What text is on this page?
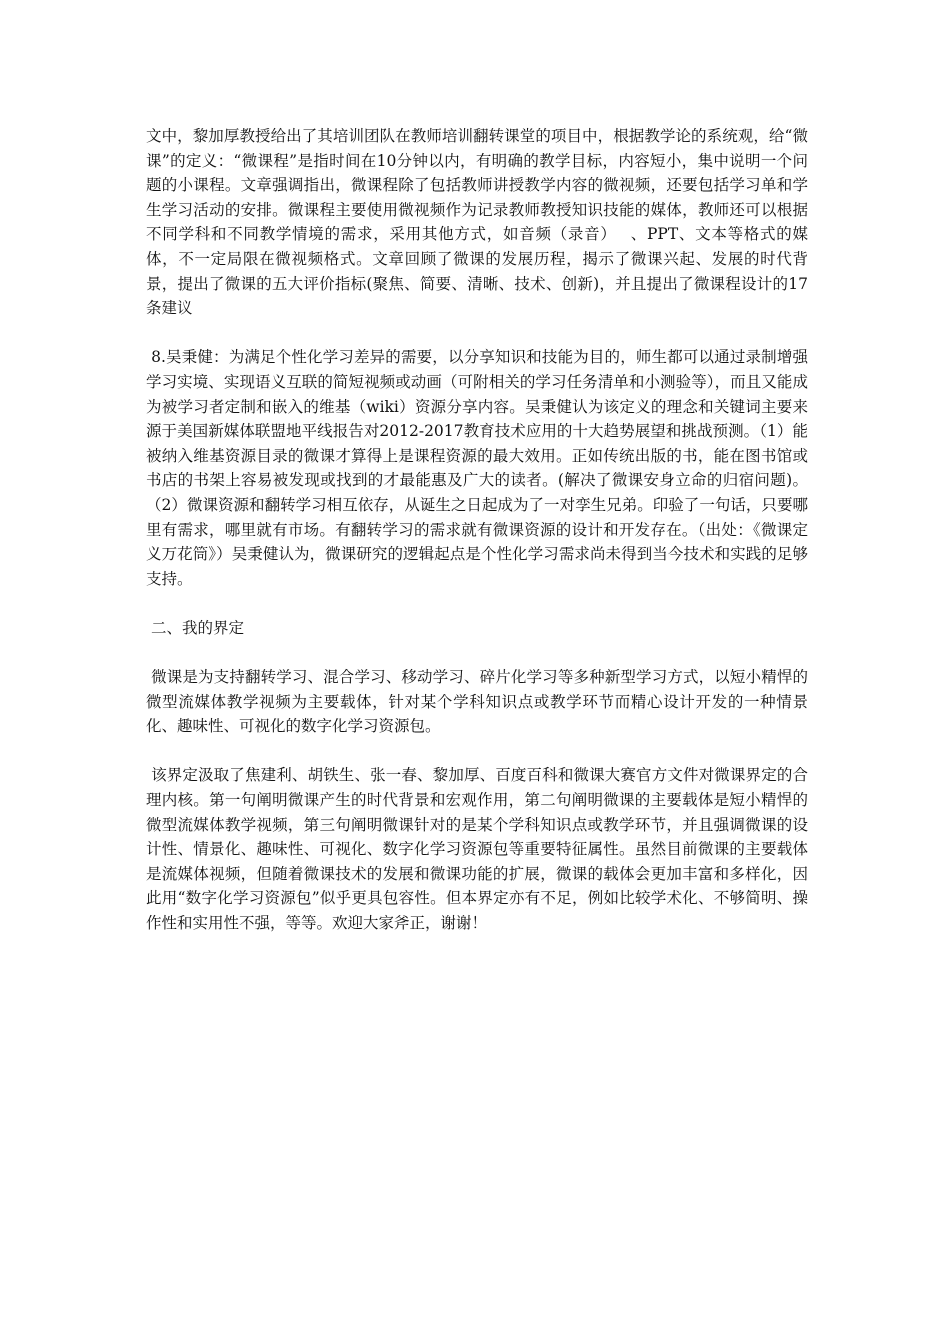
文中，黎加厚教授给出了其培训团队在教师培训翻转课堂的项目中，根据教学论的系统观，给“微课”的定义：“微课程”是指时间在10分钟以内，有明确的教学目标，内容短小，集中说明一个问题的小课程。文章强调指出，微课程除了包括教师讲授教学内容的微视频，还要包括学习单和学生学习活动的安排。微课程主要使用微视频作为记录教师教授知识技能的媒体，教师还可以根据不同学科和不同教学情境的需求，采用其他方式，如音频（录音）　 、PPT、文本等格式的媒体，不一定局限在微视频格式。文章回顾了微课的发展历程，揭示了微课兴起、发展的时代背景，提出了微课的五大评价指标(聚焦、简要、清晰、技术、创新)，并且提出了微课程设计的17条建议

8.吴秉健：为满足个性化学习差异的需要，以分享知识和技能为目的，师生都可以通过录制增强学习实境、实现语义互联的简短视频或动画（可附相关的学习任务清单和小测验等），而且又能成为被学习者定制和嵌入的维基（wiki）资源分享内容。吴秉健认为该定义的理念和关键词主要来源于美国新媒体联盟地平线报告对2012-2017教育技术应用的十大趋势展望和挑战预测。（1）能被纳入维基资源目录的微课才算得上是课程资源的最大效用。正如传统出版的书，能在图书馆或书店的书架上容易被发现或找到的才最能惠及广大的读者。(解决了微课安身立命的归宿问题)。（2）微课资源和翻转学习相互依存，从诞生之日起成为了一对孪生兄弟。印验了一句话，只要哪里有需求，哪里就有市场。有翻转学习的需求就有微课资源的设计和开发存在。（出处：《微课定义万花筒》）吴秉健认为，微课研究的逻辑起点是个性化学习需求尚未得到当今技术和实践的足够支持。

二、我的界定

微课是为支持翻转学习、混合学习、移动学习、碎片化学习等多种新型学习方式，以短小精悍的微型流媒体教学视频为主要载体，针对某个学科知识点或教学环节而精心设计开发的一种情景化、趣味性、可视化的数字化学习资源包。

该界定汲取了焦建利、胡铁生、张一春、黎加厚、百度百科和微课大赛官方文件对微课界定的合理内核。第一句阐明微课产生的时代背景和宏观作用，第二句阐明微课的主要载体是短小精悍的微型流媒体教学视频，第三句阐明微课针对的是某个学科知识点或教学环节，并且强调微课的设计性、情景化、趣味性、可视化、数字化学习资源包等重要特征属性。虽然目前微课的主要载体是流媒体视频，但随着微课技术的发展和微课功能的扩展，微课的载体会更加丰富和多样化，因此用“数字化学习资源包”似乎更具包容性。但本界定亦有不足，例如比较学术化、不够简明、操作性和实用性不强，等等。欢迎大家斧正，谢谢！
